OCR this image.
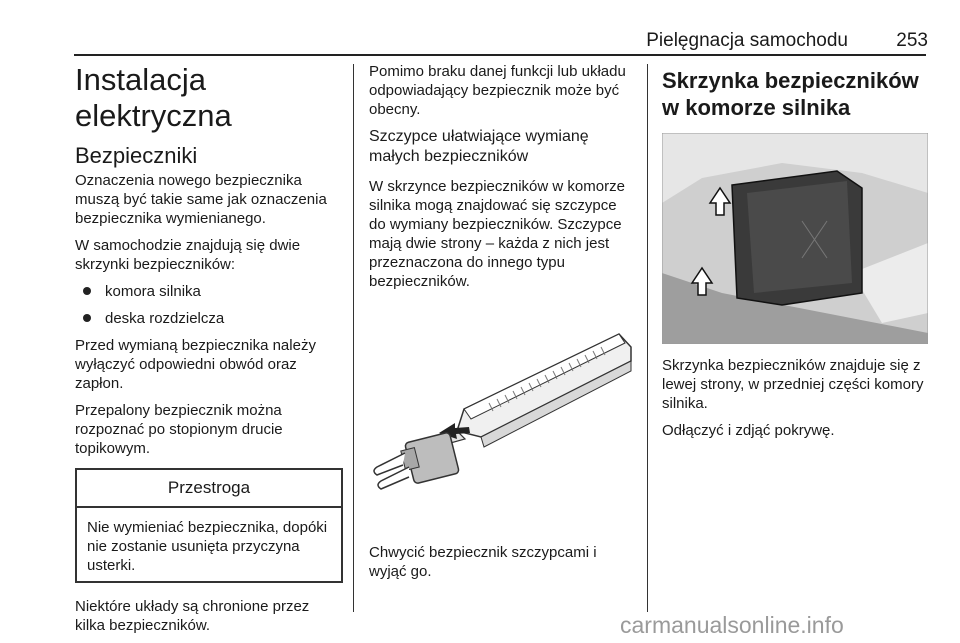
Pielęgnacja samochodu	253
Instalacja elektryczna
Bezpieczniki

Oznaczenia nowego bezpiecznika muszą być takie same jak oznaczenia bezpiecznika wymienianego.

W samochodzie znajdują się dwie skrzynki bezpieczników:

komora silnika
deska rozdzielcza

Przed wymianą bezpiecznika należy wyłączyć odpowiedni obwód oraz zapłon.

Przepalony bezpiecznik można rozpoznać po stopionym drucie topikowym.

Przestroga

Nie wymieniać bezpiecznika, dopóki nie zostanie usunięta przyczyna usterki.

Niektóre układy są chronione przez kilka bezpieczników.

Pomimo braku danej funkcji lub układu odpowiadający bezpiecznik może być obecny.

Szczypce ułatwiające wymianę małych bezpieczników

W skrzynce bezpieczników w komorze silnika mogą znajdować się szczypce do wymiany bezpieczników. Szczypce mają dwie strony – każda z nich jest przeznaczona do innego typu bezpieczników.

Chwycić bezpiecznik szczypcami i wyjąć go.

Skrzynka bezpieczników w komorze silnika

Skrzynka bezpieczników znajduje się z lewej strony, w przedniej części komory silnika.

Odłączyć i zdjąć pokrywę.

carmanualsonline.info
